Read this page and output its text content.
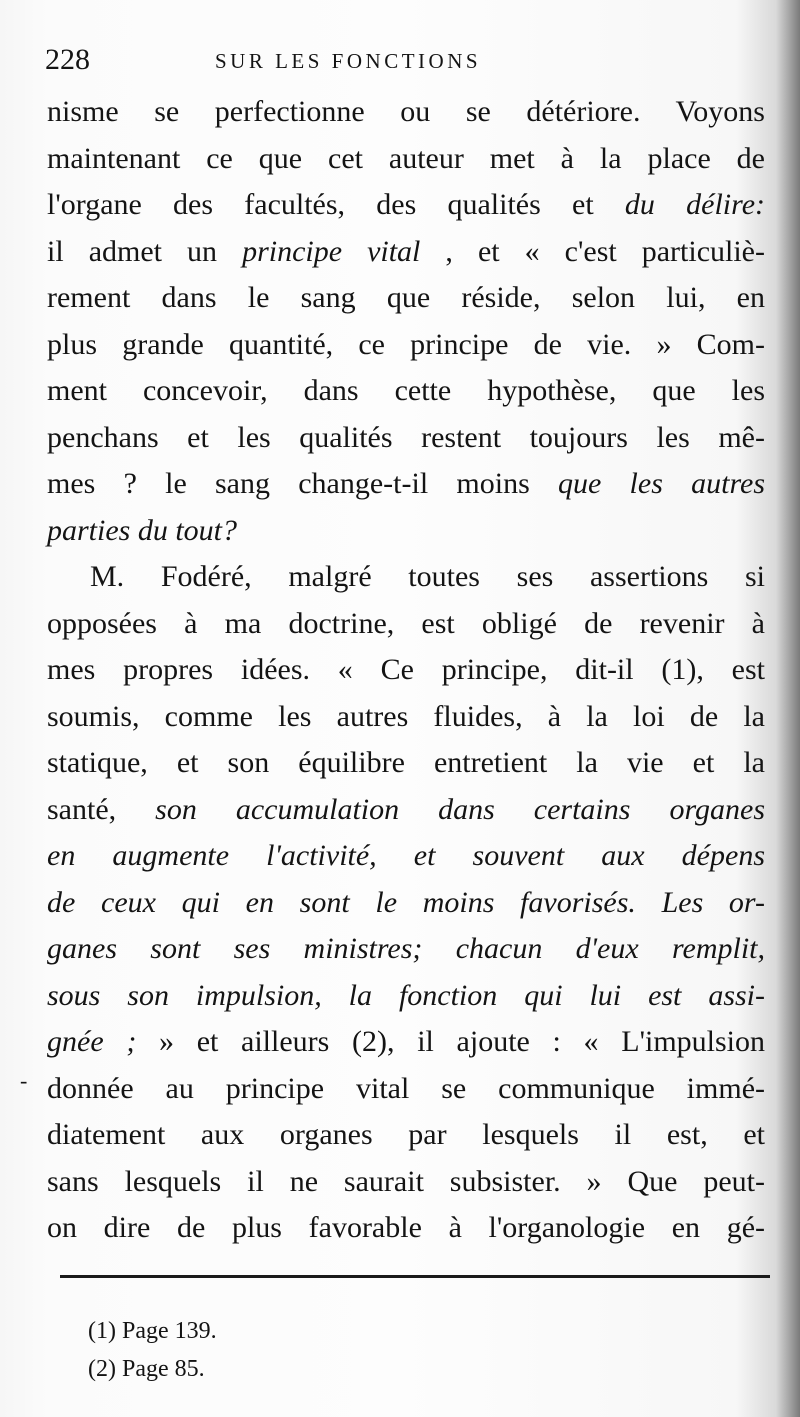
228	SUR LES FONCTIONS
nisme se perfectionne ou se détériore. Voyons
maintenant ce que cet auteur met à la place de
l'organe des facultés, des qualités et du délire:
il admet un principe vital , et « c'est particuliè-
rement dans le sang que réside, selon lui, en
plus grande quantité, ce principe de vie. » Com-
ment concevoir, dans cette hypothèse, que les
penchans et les qualités restent toujours les mê-
mes ? le sang change-t-il moins que les autres
parties du tout?
M. Fodéré, malgré toutes ses assertions si
opposées à ma doctrine, est obligé de revenir à
mes propres idées. « Ce principe, dit-il (1), est
soumis, comme les autres fluides, à la loi de la
statique, et son équilibre entretient la vie et la
santé, son accumulation dans certains organes
en augmente l'activité, et souvent aux dépens
de ceux qui en sont le moins favorisés. Les or-
ganes sont ses ministres; chacun d'eux remplit,
sous son impulsion, la fonction qui lui est assi-
gnée ; » et ailleurs (2), il ajoute : « L'impulsion
donnée au principe vital se communique immé-
diatement aux organes par lesquels il est, et
sans lesquels il ne saurait subsister. » Que peut-
on dire de plus favorable à l'organologie en gé-
-
(1) Page 139.
(2) Page 85.
